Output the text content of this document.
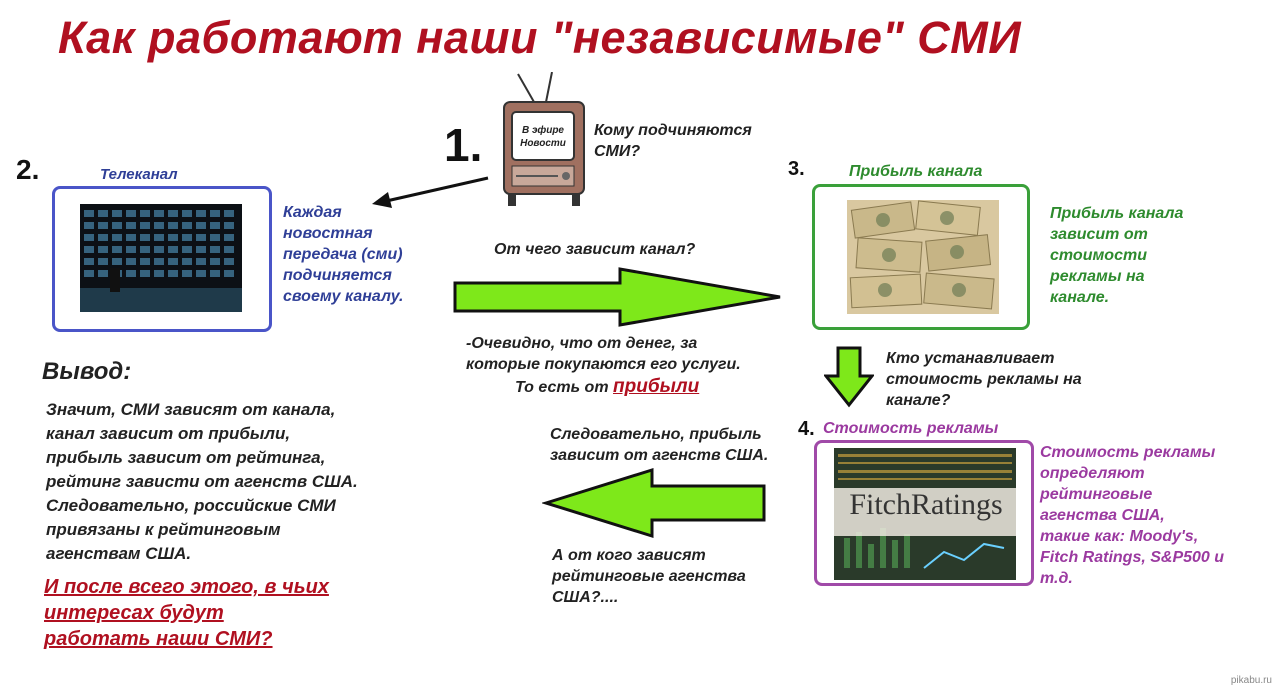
Как работают наши "независимые" СМИ
1.	В эфире
Новости
Кому подчиняются
СМИ?
2.	Телеканал
Каждая
новостная
передача (сми)
подчиняется
своему каналу.
3.	Прибыль канала
Прибыль канала
зависит от
стоимости
рекламы на
канале.
От чего зависит канал?
-Очевидно, что от денег, за
которые покупаются его услуги.
То есть от прибыли
Кто устанавливает
стоимость рекламы на
канале?
4. Стоимость рекламы
FitchRatings
Стоимость рекламы
определяют
рейтинговые
агенства США,
такие как: Moody's,
Fitch Ratings, S&P500 и
т.д.
Следовательно, прибыль
зависит от агенств США.
А от кого зависят
рейтинговые агенства
США?....
Вывод:
Значит, СМИ зависят от канала,
канал зависит от прибыли,
прибыль зависит от рейтинга,
рейтинг зависти от агенств США.
Следовательно, российские СМИ
привязаны к рейтинговым
агенствам США.
И после всего этого, в чьих
интересах будут
работать наши СМИ?
pikabu.ru
